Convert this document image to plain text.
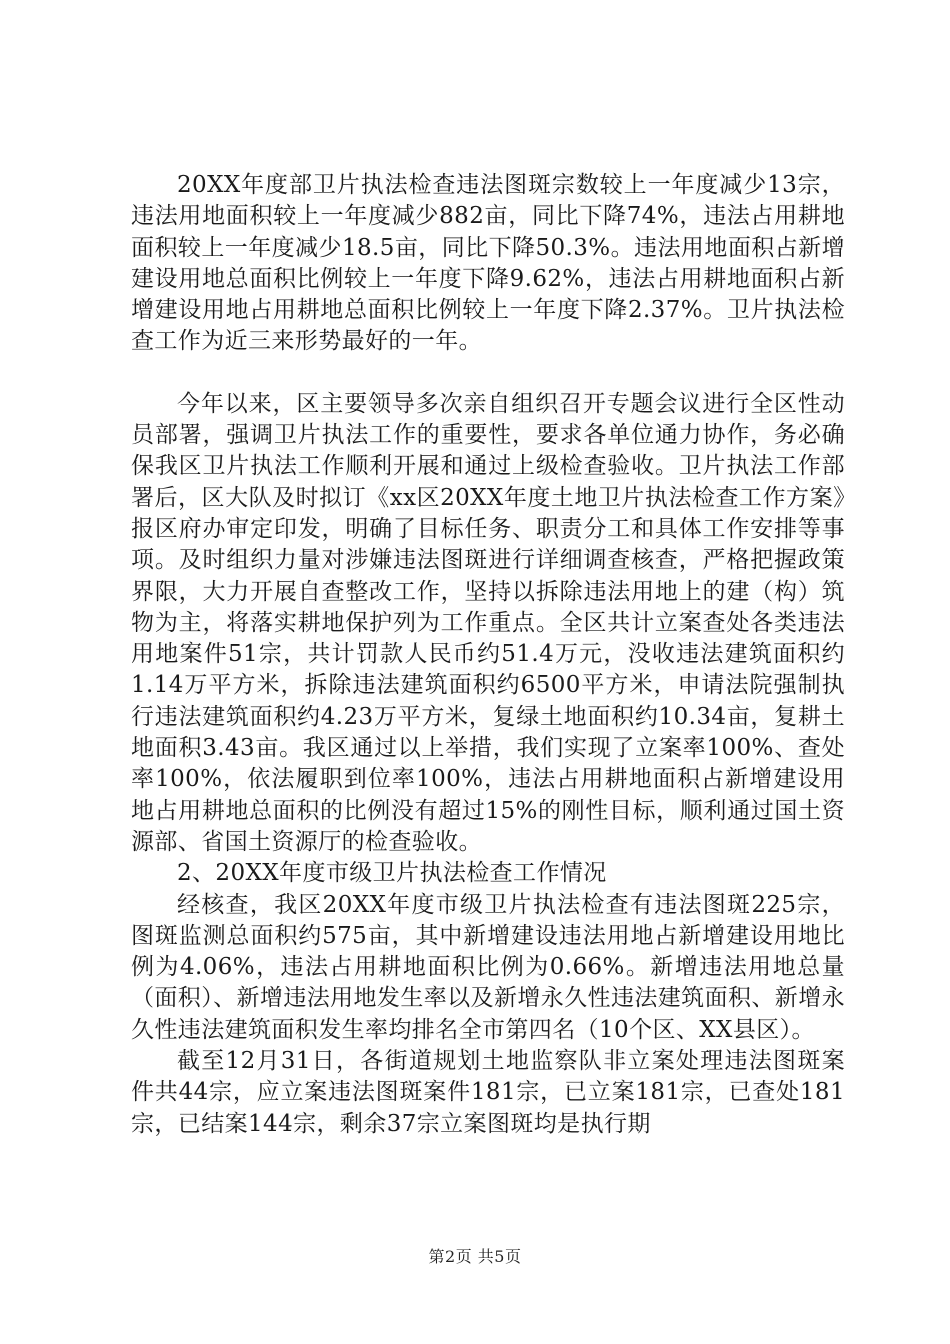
20XX年度部卫片执法检查违法图斑宗数较上一年度减少13宗，违法用地面积较上一年度减少882亩，同比下降74%，违法占用耕地面积较上一年度减少18.5亩，同比下降50.3%。违法用地面积占新增建设用地总面积比例较上一年度下降9.62%，违法占用耕地面积占新增建设用地占用耕地总面积比例较上一年度下降2.37%。卫片执法检查工作为近三来形势最好的一年。

今年以来，区主要领导多次亲自组织召开专题会议进行全区性动员部署，强调卫片执法工作的重要性，要求各单位通力协作，务必确保我区卫片执法工作顺利开展和通过上级检查验收。卫片执法工作部署后，区大队及时拟订《xx区20XX年度土地卫片执法检查工作方案》报区府办审定印发，明确了目标任务、职责分工和具体工作安排等事项。及时组织力量对涉嫌违法图斑进行详细调查核查，严格把握政策界限，大力开展自查整改工作，坚持以拆除违法用地上的建（构）筑物为主，将落实耕地保护列为工作重点。全区共计立案查处各类违法用地案件51宗，共计罚款人民币约51.4万元，没收违法建筑面积约1.14万平方米，拆除违法建筑面积约6500平方米，申请法院强制执行违法建筑面积约4.23万平方米，复绿土地面积约10.34亩，复耕土地面积3.43亩。我区通过以上举措，我们实现了立案率100%、查处率100%，依法履职到位率100%，违法占用耕地面积占新增建设用地占用耕地总面积的比例没有超过15%的刚性目标，顺利通过国土资源部、省国土资源厅的检查验收。

2、20XX年度市级卫片执法检查工作情况

经核查，我区20XX年度市级卫片执法检查有违法图斑225宗，图斑监测总面积约575亩，其中新增建设违法用地占新增建设用地比例为4.06%，违法占用耕地面积比例为0.66%。新增违法用地总量（面积）、新增违法用地发生率以及新增永久性违法建筑面积、新增永久性违法建筑面积发生率均排名全市第四名（10个区、XX县区）。

截至12月31日，各街道规划土地监察队非立案处理违法图斑案件共44宗，应立案违法图斑案件181宗，已立案181宗，已查处181宗，已结案144宗，剩余37宗立案图斑均是执行期

第2页 共5页
